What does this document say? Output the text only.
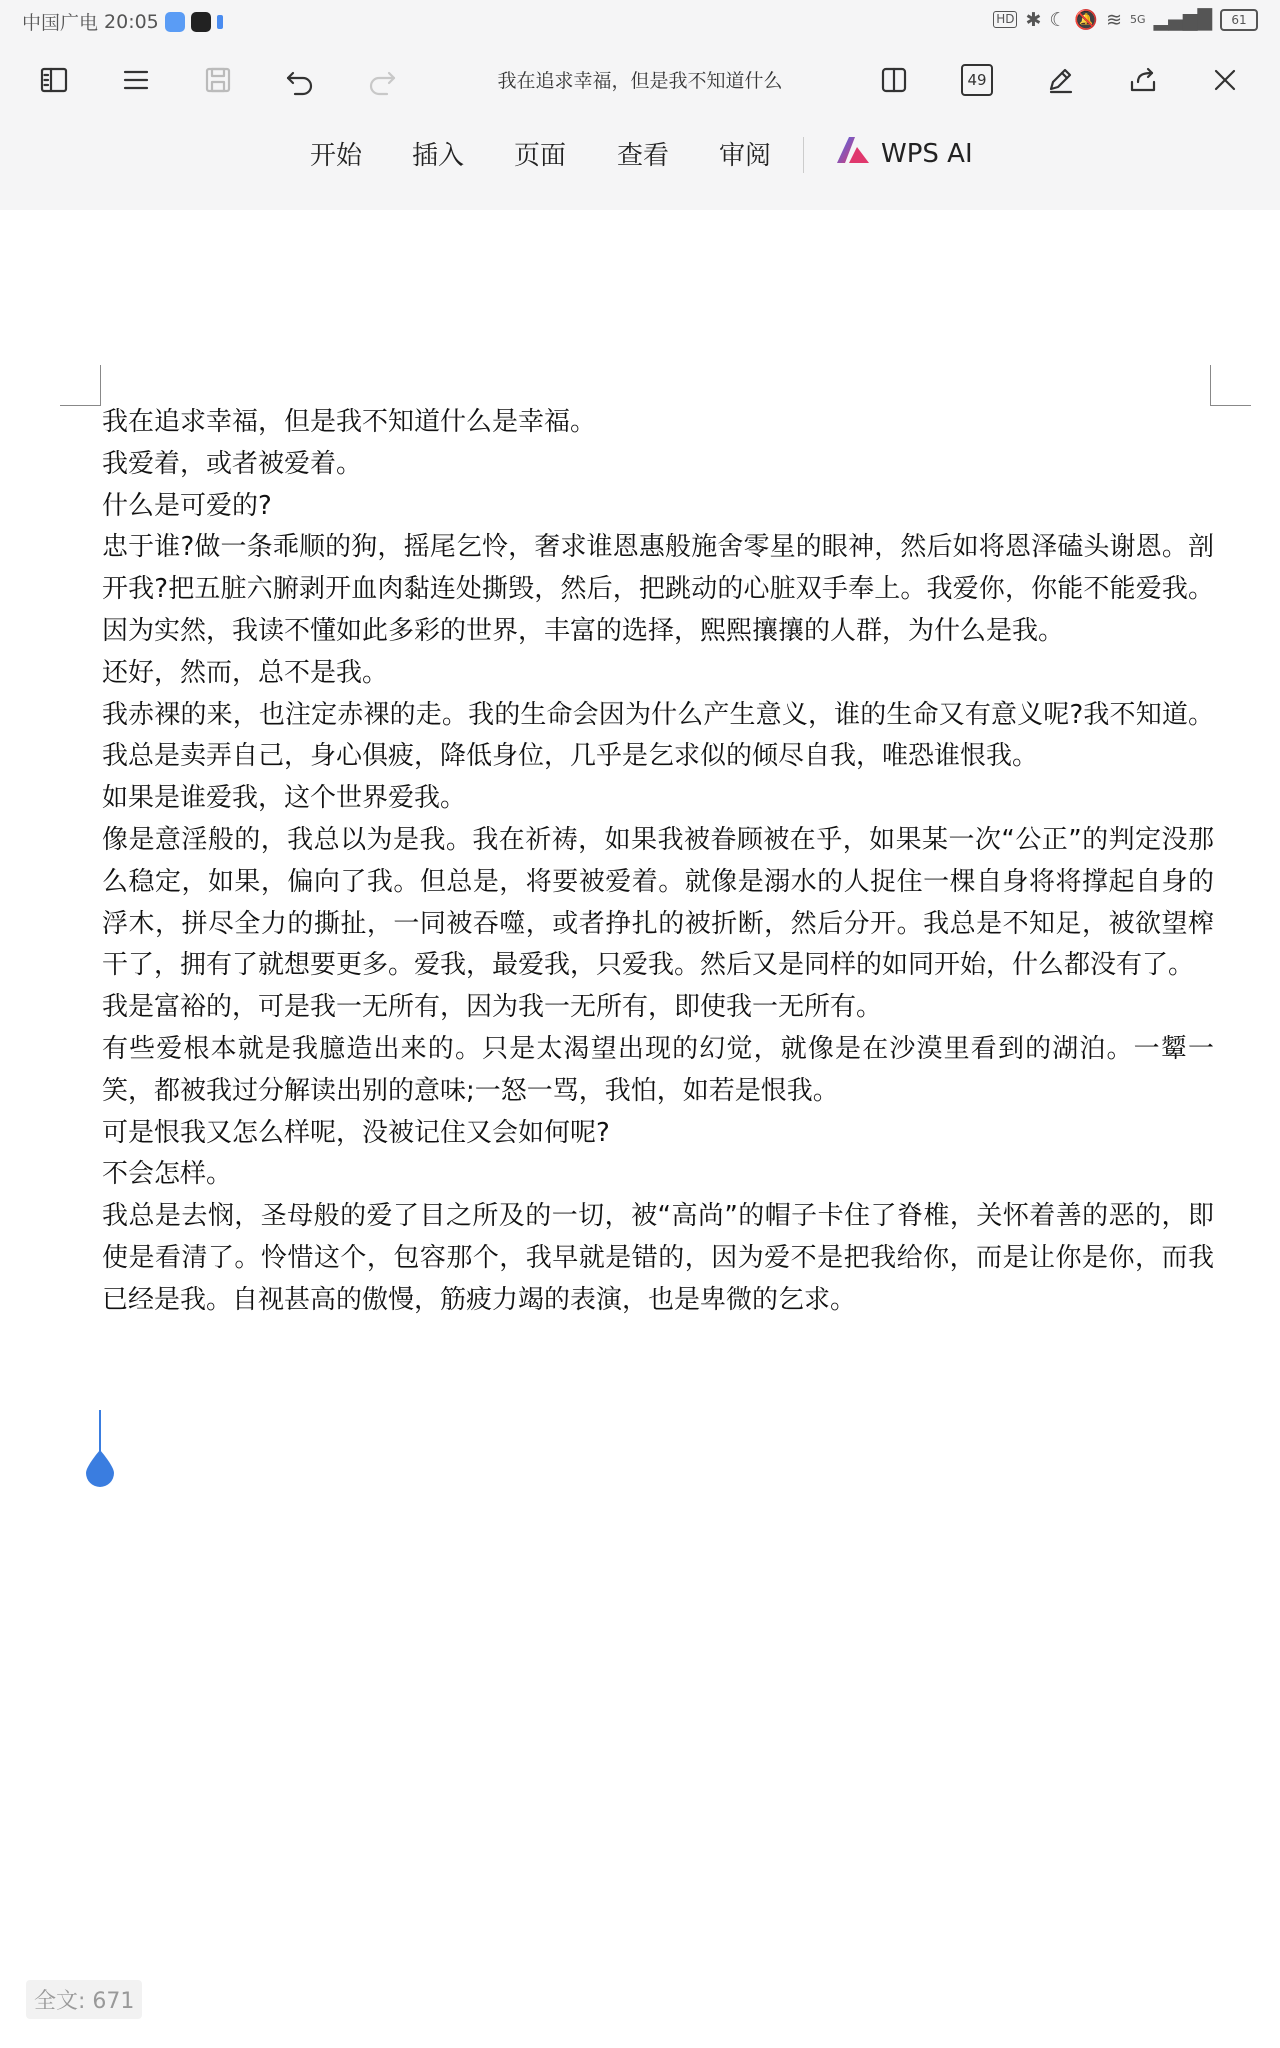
中国广电 20:05	HD ✱ ☾ 🔕 ≋ 5G ▂▄▆█	61
我在追求幸福，但是我不知道什么	49
开始 插入 页面 查看 审阅	WPS AI

我在追求幸福，但是我不知道什么是幸福。

我爱着，或者被爱着。

什么是可爱的?

忠于谁?做一条乖顺的狗，摇尾乞怜，奢求谁恩惠般施舍零星的眼神，然后如将恩泽磕头谢恩。剖开我?把五脏六腑剥开血肉黏连处撕毁，然后，把跳动的心脏双手奉上。我爱你，你能不能爱我。因为实然，我读不懂如此多彩的世界，丰富的选择，熙熙攘攘的人群，为什么是我。

还好，然而，总不是我。

我赤裸的来，也注定赤裸的走。我的生命会因为什么产生意义，谁的生命又有意义呢?我不知道。我总是卖弄自己，身心俱疲，降低身位，几乎是乞求似的倾尽自我，唯恐谁恨我。

如果是谁爱我，这个世界爱我。

像是意淫般的，我总以为是我。我在祈祷，如果我被眷顾被在乎，如果某一次“公正”的判定没那么稳定，如果，偏向了我。但总是，将要被爱着。就像是溺水的人捉住一棵自身将将撑起自身的浮木，拼尽全力的撕扯，一同被吞噬，或者挣扎的被折断，然后分开。我总是不知足，被欲望榨干了，拥有了就想要更多。爱我，最爱我，只爱我。然后又是同样的如同开始，什么都没有了。

我是富裕的，可是我一无所有，因为我一无所有，即使我一无所有。

有些爱根本就是我臆造出来的。只是太渴望出现的幻觉，就像是在沙漠里看到的湖泊。一颦一笑，都被我过分解读出别的意味;一怒一骂，我怕，如若是恨我。

可是恨我又怎么样呢，没被记住又会如何呢?

不会怎样。

我总是去悯，圣母般的爱了目之所及的一切，被“高尚”的帽子卡住了脊椎，关怀着善的恶的，即使是看清了。怜惜这个，包容那个，我早就是错的，因为爱不是把我给你，而是让你是你，而我已经是我。自视甚高的傲慢，筋疲力竭的表演，也是卑微的乞求。

全文: 671
